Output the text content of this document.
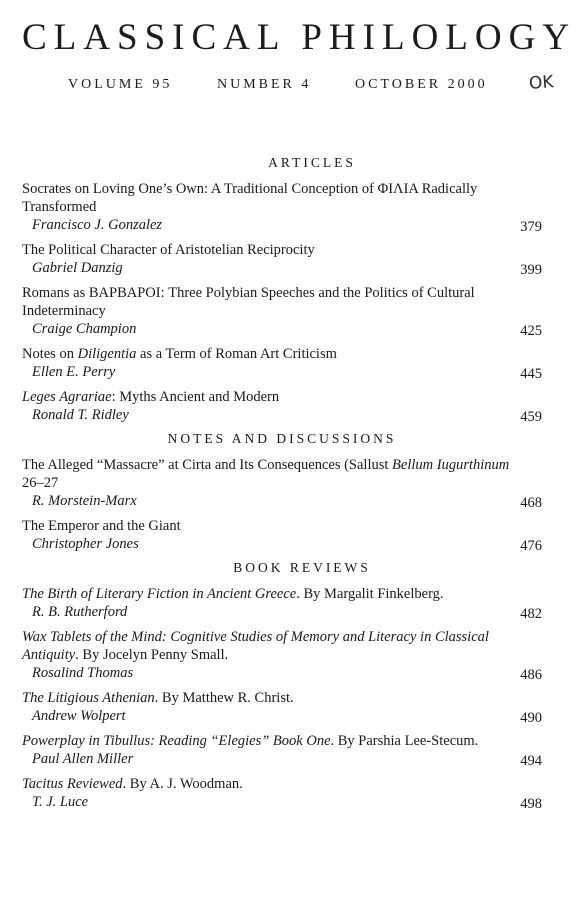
CLASSICAL PHILOLOGY
VOLUME 95	NUMBER 4	OCTOBER 2000 OK
ARTICLES
Socrates on Loving One’s Own: A Traditional Conception of ΦΙΛΙΑ Radically Transformed
Francisco J. Gonzalez	379
The Political Character of Aristotelian Reciprocity
Gabriel Danzig	399
Romans as ΒΑΡΒΑΡΟΙ: Three Polybian Speeches and the Politics of Cultural Indeterminacy
Craige Champion	425
Notes on Diligentia as a Term of Roman Art Criticism
Ellen E. Perry	445
Leges Agrariae: Myths Ancient and Modern
Ronald T. Ridley	459
NOTES AND DISCUSSIONS
The Alleged “Massacre” at Cirta and Its Consequences (Sallust Bellum Iugurthinum 26–27
R. Morstein-Marx	468
The Emperor and the Giant
Christopher Jones	476
BOOK REVIEWS
The Birth of Literary Fiction in Ancient Greece. By Margalit Finkelberg.
R. B. Rutherford	482
Wax Tablets of the Mind: Cognitive Studies of Memory and Literacy in Classical Antiquity. By Jocelyn Penny Small.
Rosalind Thomas	486
The Litigious Athenian. By Matthew R. Christ.
Andrew Wolpert	490
Powerplay in Tibullus: Reading “Elegies” Book One. By Parshia Lee-Stecum.
Paul Allen Miller	494
Tacitus Reviewed. By A. J. Woodman.
T. J. Luce	498
